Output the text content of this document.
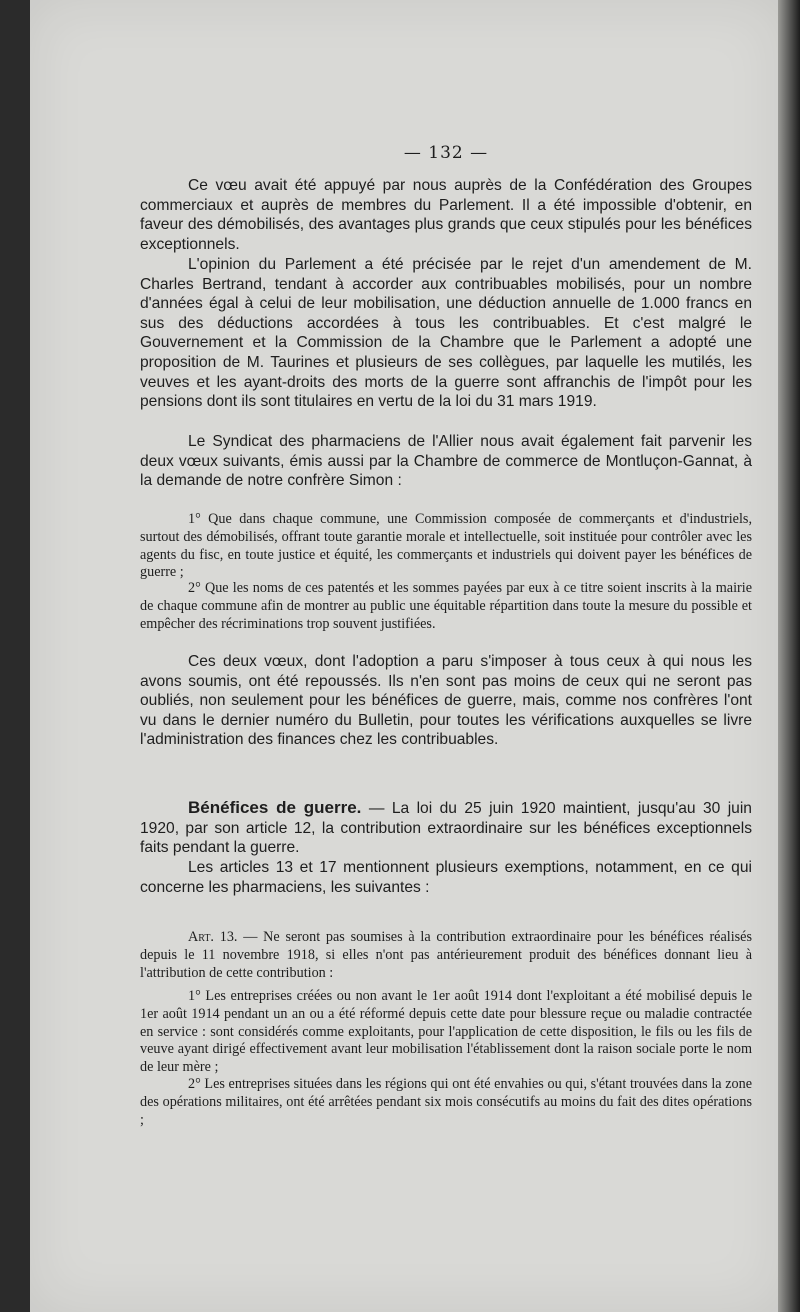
— 132 —

Ce vœu avait été appuyé par nous auprès de la Confédération des Groupes commerciaux et auprès de membres du Parlement. Il a été impossible d'obtenir, en faveur des démobilisés, des avantages plus grands que ceux stipulés pour les bénéfices exceptionnels.

L'opinion du Parlement a été précisée par le rejet d'un amendement de M. Charles Bertrand, tendant à accorder aux contribuables mobilisés, pour un nombre d'années égal à celui de leur mobilisation, une déduction annuelle de 1.000 francs en sus des déductions accordées à tous les contribuables. Et c'est malgré le Gouvernement et la Commission de la Chambre que le Parlement a adopté une proposition de M. Taurines et plusieurs de ses collègues, par laquelle les mutilés, les veuves et les ayant-droits des morts de la guerre sont affranchis de l'impôt pour les pensions dont ils sont titulaires en vertu de la loi du 31 mars 1919.

Le Syndicat des pharmaciens de l'Allier nous avait également fait parvenir les deux vœux suivants, émis aussi par la Chambre de commerce de Montluçon-Gannat, à la demande de notre confrère Simon :

1° Que dans chaque commune, une Commission composée de commerçants et d'industriels, surtout des démobilisés, offrant toute garantie morale et intellectuelle, soit instituée pour contrôler avec les agents du fisc, en toute justice et équité, les commerçants et industriels qui doivent payer les bénéfices de guerre ;

2° Que les noms de ces patentés et les sommes payées par eux à ce titre soient inscrits à la mairie de chaque commune afin de montrer au public une équitable répartition dans toute la mesure du possible et empêcher des récriminations trop souvent justifiées.

Ces deux vœux, dont l'adoption a paru s'imposer à tous ceux à qui nous les avons soumis, ont été repoussés. Ils n'en sont pas moins de ceux qui ne seront pas oubliés, non seulement pour les bénéfices de guerre, mais, comme nos confrères l'ont vu dans le dernier numéro du Bulletin, pour toutes les vérifications auxquelles se livre l'administration des finances chez les contribuables.

Bénéfices de guerre. — La loi du 25 juin 1920 maintient, jusqu'au 30 juin 1920, par son article 12, la contribution extraordinaire sur les bénéfices exceptionnels faits pendant la guerre.

Les articles 13 et 17 mentionnent plusieurs exemptions, notamment, en ce qui concerne les pharmaciens, les suivantes :

Art. 13. — Ne seront pas soumises à la contribution extraordinaire pour les bénéfices réalisés depuis le 11 novembre 1918, si elles n'ont pas antérieurement produit des bénéfices donnant lieu à l'attribution de cette contribution :

1° Les entreprises créées ou non avant le 1er août 1914 dont l'exploitant a été mobilisé depuis le 1er août 1914 pendant un an ou a été réformé depuis cette date pour blessure reçue ou maladie contractée en service : sont considérés comme exploitants, pour l'application de cette disposition, le fils ou les fils de veuve ayant dirigé effectivement avant leur mobilisation l'établissement dont la raison sociale porte le nom de leur mère ;

2° Les entreprises situées dans les régions qui ont été envahies ou qui, s'étant trouvées dans la zone des opérations militaires, ont été arrêtées pendant six mois consécutifs au moins du fait des dites opérations ;
